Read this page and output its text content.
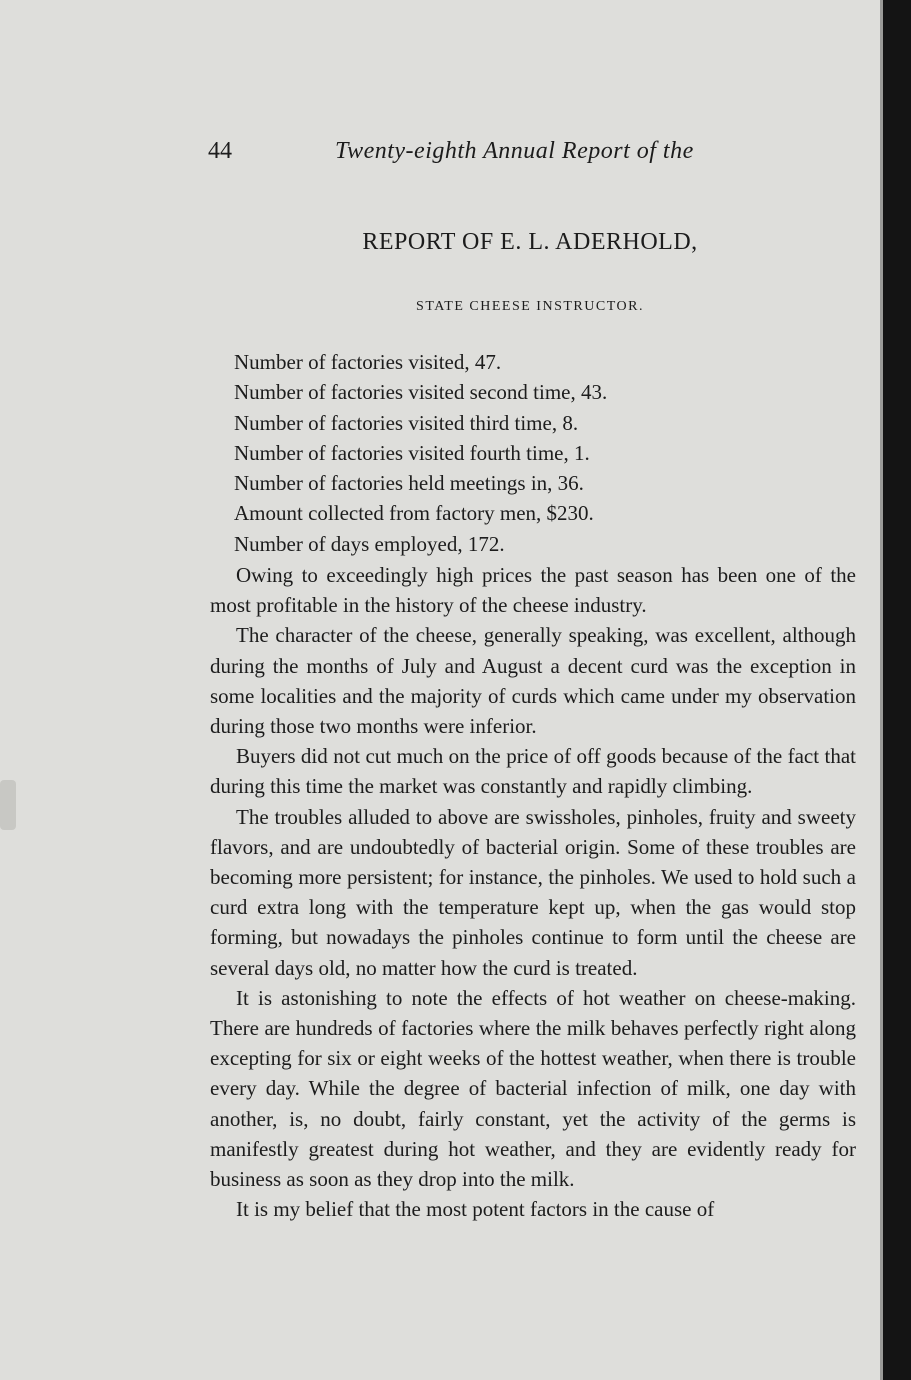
44	Twenty-eighth Annual Report of the
REPORT OF E. L. ADERHOLD,
STATE CHEESE INSTRUCTOR.
Number of factories visited, 47.
Number of factories visited second time, 43.
Number of factories visited third time, 8.
Number of factories visited fourth time, 1.
Number of factories held meetings in, 36.
Amount collected from factory men, $230.
Number of days employed, 172.

Owing to exceedingly high prices the past season has been one of the most profitable in the history of the cheese industry.

The character of the cheese, generally speaking, was excellent, although during the months of July and August a decent curd was the exception in some localities and the majority of curds which came under my observation during those two months were inferior.

Buyers did not cut much on the price of off goods because of the fact that during this time the market was constantly and rapidly climbing.

The troubles alluded to above are swissholes, pinholes, fruity and sweety flavors, and are undoubtedly of bacterial origin. Some of these troubles are becoming more persistent; for instance, the pinholes. We used to hold such a curd extra long with the temperature kept up, when the gas would stop forming, but nowadays the pinholes continue to form until the cheese are several days old, no matter how the curd is treated.

It is astonishing to note the effects of hot weather on cheese-making. There are hundreds of factories where the milk behaves perfectly right along excepting for six or eight weeks of the hottest weather, when there is trouble every day. While the degree of bacterial infection of milk, one day with another, is, no doubt, fairly constant, yet the activity of the germs is manifestly greatest during hot weather, and they are evidently ready for business as soon as they drop into the milk.

It is my belief that the most potent factors in the cause of
